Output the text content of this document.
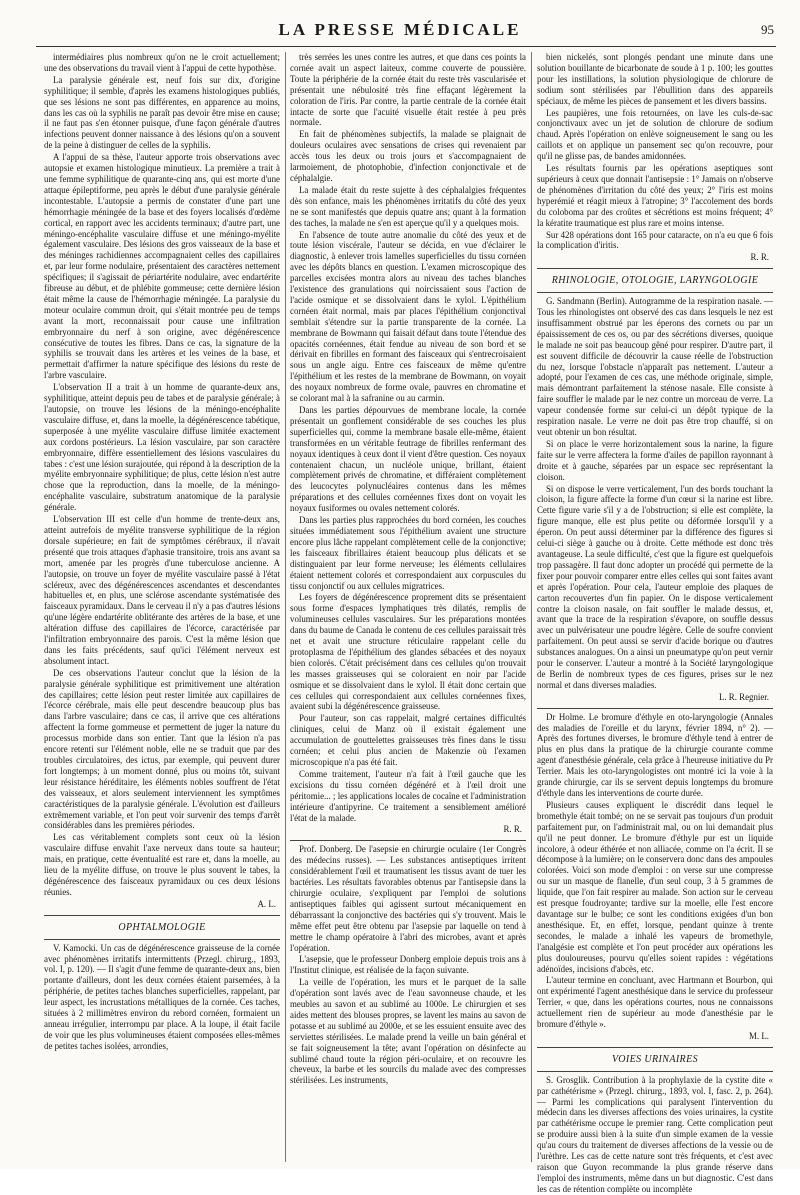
LA PRESSE MÉDICALE	95

intermédiaires plus nombreux qu'on ne le croit actuellement; une des observations du travail vient à l'appui de cette hypothèse.

La paralysie générale est, neuf fois sur dix, d'origine syphilitique; il semble, d'après les examens histologiques publiés, que ses lésions ne sont pas différentes, en apparence au moins, dans les cas où la syphilis ne paraît pas devoir être mise en cause; il ne faut pas s'en étonner puisque, d'une façon générale d'autres infections peuvent donner naissance à des lésions qu'on a souvent de la peine à distinguer de celles de la syphilis.

A l'appui de sa thèse, l'auteur apporte trois observations avec autopsie et examen histologique minutieux. La première a trait à une femme syphilitique de quarante-cinq ans, qui est morte d'une attaque épileptiforme, peu après le début d'une paralysie générale incontestable. L'autopsie a permis de constater d'une part une hémorrhagie méningée de la base et des foyers localisés d'œdème cortical, en rapport avec les accidents terminaux; d'autre part, une méningo-encéphalite vasculaire diffuse et une méningo-myélite également vasculaire. Des lésions des gros vaisseaux de la base et des méninges rachidiennes accompagnaient celles des capillaires et, par leur forme nodulaire, présentaient des caractères nettement spécifiques; il s'agissait de périartérite nodulaire, avec endartérite fibreuse au début, et de phlébite gommeuse; cette dernière lésion était même la cause de l'hémorrhagie méningée. La paralysie du moteur oculaire commun droit, qui s'était montrée peu de temps avant la mort, reconnaissait pour cause une infiltration embryonnaire du nerf à son origine, avec dégénérescence consécutive de toutes les fibres. Dans ce cas, la signature de la syphilis se trouvait dans les artères et les veines de la base, et permettait d'affirmer la nature spécifique des lésions du reste de l'arbre vasculaire.

L'observation II a trait à un homme de quarante-deux ans, syphilitique, atteint depuis peu de tabes et de paralysie générale; à l'autopsie, on trouve les lésions de la méningo-encéphalite vasculaire diffuse, et, dans la moelle, la dégénérescence tabétique, superposée à une myélite vasculaire diffuse limitée exactement aux cordons postérieurs. La lésion vasculaire, par son caractère embryonnaire, diffère essentiellement des lésions vasculaires du tabes : c'est une lésion surajoutée, qui répond à la description de la myélite embryonnaire syphilitique; de plus, cette lésion n'est autre chose que la reproduction, dans la moelle, de la méningo-encéphalite vasculaire, substratum anatomique de la paralysie générale.

L'observation III est celle d'un homme de trente-deux ans, atteint autrefois de myélite transverse syphilitique de la région dorsale supérieure; en fait de symptômes cérébraux, il n'avait présenté que trois attaques d'aphasie transitoire, trois ans avant sa mort, amenée par les progrès d'une tuberculose ancienne. A l'autopsie, on trouve un foyer de myélite vasculaire passé à l'état scléreux, avec des dégénérescences ascendantes et descendantes habituelles et, en plus, une sclérose ascendante systématisée des faisceaux pyramidaux. Dans le cerveau il n'y a pas d'autres lésions qu'une légère endartérite oblitérante des artères de la base, et une altération diffuse des capillaires de l'écorce, caractérisée par l'infiltration embryonnaire des parois. C'est la même lésion que dans les faits précédents, sauf qu'ici l'élément nerveux est absolument intact.

De ces observations l'auteur conclut que la lésion de la paralysie générale syphilitique est primitivement une altération des capillaires; cette lésion peut rester limitée aux capillaires de l'écorce cérébrale, mais elle peut descendre beaucoup plus bas dans l'arbre vasculaire; dans ce cas, il arrive que ces altérations affectent la forme gommeuse et permettent de juger la nature du processus morbide dans son entier. Tant que la lésion n'a pas encore retenti sur l'élément noble, elle ne se traduit que par des troubles circulatoires, des ictus, par exemple, qui peuvent durer fort longtemps; à un moment donné, plus ou moins tôt, suivant leur résistance héréditaire, les éléments nobles souffrent de l'état des vaisseaux, et alors seulement interviennent les symptômes caractéristiques de la paralysie générale. L'évolution est d'ailleurs extrêmement variable, et l'on peut voir survenir des temps d'arrêt considérables dans les premières périodes.

Les cas véritablement complets sont ceux où la lésion vasculaire diffuse envahit l'axe nerveux dans toute sa hauteur; mais, en pratique, cette éventualité est rare et, dans la moelle, au lieu de la myélite diffuse, on trouve le plus souvent le tabes, la dégénérescence des faisceaux pyramidaux ou ces deux lésions réunies.

A. L.
OPHTALMOLOGIE

V. Kamocki. Un cas de dégénérescence graisseuse de la cornée avec phénomènes irritatifs intermittents (Przegl. chirurg., 1893, vol. I, p. 120). — Il s'agit d'une femme de quarante-deux ans, bien portante d'ailleurs, dont les deux cornées étaient parsemées, à la périphérie, de petites taches blanches superficielles, rappelant, par leur aspect, les incrustations métalliques de la cornée. Ces taches, situées à 2 millimètres environ du rebord cornéen, formaient un anneau irrégulier, interrompu par place. A la loupe, il était facile de voir que les plus volumineuses étaient composées elles-mêmes de petites taches isolées, arrondies,

très serrées les unes contre les autres, et que dans ces points la cornée avait un aspect laiteux, comme couverte de poussière. Toute la périphérie de la cornée était du reste très vascularisée et présentait une nébulosité très fine effaçant légèrement la coloration de l'iris. Par contre, la partie centrale de la cornée était intacte de sorte que l'acuité visuelle était restée à peu près normale.

En fait de phénomènes subjectifs, la malade se plaignait de douleurs oculaires avec sensations de crises qui revenaient par accès tous les deux ou trois jours et s'accompagnaient de larmoiement, de photophobie, d'infection conjonctivale et de céphalalgie.

La malade était du reste sujette à des céphalalgies fréquentes dès son enfance, mais les phénomènes irritatifs du côté des yeux ne se sont manifestés que depuis quatre ans; quant à la formation des taches, la malade ne s'en est aperçue qu'il y a quelques mois.

En l'absence de toute autre anomalie du côté des yeux et de toute lésion viscérale, l'auteur se décida, en vue d'éclairer le diagnostic, à enlever trois lamelles superficielles du tissu cornéen avec les dépôts blancs en question. L'examen microscopique des parcelles excisées montra alors au niveau des taches blanches l'existence des granulations qui noircissaient sous l'action de l'acide osmique et se dissolvaient dans le xylol. L'épithélium cornéen était normal, mais par places l'épithélium conjonctival semblait s'étendre sur la partie transparente de la cornée. La membrane de Bowmann qui faisait défaut dans toute l'étendue des opacités cornéennes, était fendue au niveau de son bord et se dérivait en fibrilles en formant des faisceaux qui s'entrecroisaient sous un angle aigu. Entre ces faisceaux de même qu'entre l'épithélium et les restes de la membrane de Bowmann, on voyait des noyaux nombreux de forme ovale, pauvres en chromatine et se colorant mal à la safranine ou au carmin.

Dans les parties dépourvues de membrane locale, la cornée présentait un gonflement considérable de ses couches les plus superficielles qui, comme la membrane basale elle-même, étaient transformées en un véritable feutrage de fibrilles renfermant des noyaux identiques à ceux dont il vient d'être question. Ces noyaux contenaient chacun, un nucléole unique, brillant, étaient complètement privés de chromatine, et différaient complètement des leucocytes polynucléaires contenus dans les mêmes préparations et des cellules cornéennes fixes dont on voyait les noyaux fusiformes ou ovales nettement colorés.

Dans les parties plus rapprochées du bord cornéen, les couches situées immédiatement sous l'épithélium avaient une structure encore plus lâche rappelant complètement celle de la conjonctive; les faisceaux fibrillaires étaient beaucoup plus délicats et se distinguaient par leur forme nerveuse; les éléments cellulaires étaient nettement colorés et correspondaient aux corpuscules du tissu conjonctif ou aux cellules migratrices.

Les foyers de dégénérescence proprement dits se présentaient sous forme d'espaces lymphatiques très dilatés, remplis de volumineuses cellules vasculaires. Sur les préparations montées dans du baume de Canada le contenu de ces cellules paraissait très net et avait une structure réticulaire rappelant celle du protoplasma de l'épithélium des glandes sébacées et des noyaux bien colorés. C'était précisément dans ces cellules qu'on trouvait les masses graisseuses qui se coloraient en noir par l'acide osmique et se dissolvaient dans le xylol. Il était donc certain que ces cellules qui correspondaient aux cellules cornéennes fixes, avaient subi la dégénérescence graisseuse.

Pour l'auteur, son cas rappelait, malgré certaines difficultés cliniques, celui de Manz où il existait également une accumulation de gouttelettes graisseuses très fines dans le tissu cornéen; et celui plus ancien de Makenzie où l'examen microscopique n'a pas été fait.

Comme traitement, l'auteur n'a fait à l'œil gauche que les excisions du tissu cornéen dégénéré et à l'œil droit une péritomie... ; les applications locales de cocaïne et l'administration intérieure d'antipyrine. Ce traitement a sensiblement amélioré l'état de la malade.

R. R.

Prof. Donberg. De l'asepsie en chirurgie oculaire (1er Congrès des médecins russes). — Les substances antiseptiques irritent considérablement l'œil et traumatisent les tissus avant de tuer les bactéries. Les résultats favorables obtenus par l'antisepsie dans la chirurgie oculaire, s'expliquent par l'emploi de solutions antiseptiques faibles qui agissent surtout mécaniquement en débarrassant la conjonctive des bactéries qui s'y trouvent. Mais le même effet peut être obtenu par l'asepsie par laquelle on tend à mettre le champ opératoire à l'abri des microbes, avant et après l'opération.

L'asepsie, que le professeur Donberg emploie depuis trois ans à l'Institut clinique, est réalisée de la façon suivante.

La veille de l'opération, les murs et le parquet de la salle d'opération sont lavés avec de l'eau savonneuse chaude, et les meubles au savon et au sublimé au 1000e. Le chirurgien et ses aides mettent des blouses propres, se lavent les mains au savon de potasse et au sublimé au 2000e, et se les essuient ensuite avec des serviettes stérilisées. Le malade prend la veille un bain général et se fait soigneusement la tête; avant l'opération on désinfecte au sublimé chaud toute la région péri-oculaire, et on recouvre les cheveux, la barbe et les sourcils du malade avec des compresses stérilisées. Les instruments,

bien nickelés, sont plongés pendant une minute dans une solution bouillante de bicarbonate de soude à 1 p. 100; les gouttes pour les instillations, la solution physiologique de chlorure de sodium sont stérilisées par l'ébullition dans des appareils spéciaux, de même les pièces de pansement et les divers bassins.

Les paupières, une fois retournées, on lave les culs-de-sac conjonctivaux avec un jet de solution de chlorure de sodium chaud. Après l'opération on enlève soigneusement le sang ou les caillots et on applique un pansement sec qu'on recouvre, pour qu'il ne glisse pas, de bandes amidonnées.

Les résultats fournis par les opérations aseptiques sont supérieurs à ceux que donnait l'antisepsie : 1° Jamais on n'observe de phénomènes d'irritation du côté des yeux; 2° l'iris est moins hyperémié et réagit mieux à l'atropine; 3° l'accolement des bords du coloboma par des croûtes et sécrétions est moins fréquent; 4° la kératite traumatique est plus rare et moins intense.

Sur 428 opérations dont 165 pour cataracte, on n'a eu que 6 fois la complication d'iritis.

R. R.
RHINOLOGIE, OTOLOGIE, LARYNGOLOGIE

G. Sandmann (Berlin). Autogramme de la respiration nasale. — Tous les rhinologistes ont observé des cas dans lesquels le nez est insuffisamment obstrué par les éperons des cornets ou par un épaississement de ces os, ou par des sécrétions diverses, quoique le malade ne soit pas beaucoup gêné pour respirer. D'autre part, il est souvent difficile de découvrir la cause réelle de l'obstruction du nez, lorsque l'obstacle n'apparaît pas nettement. L'auteur a adopté, pour l'examen de ces cas, une méthode originale, simple, mais démontrant parfaitement la sténose nasale. Elle consiste à faire souffler le malade par le nez contre un morceau de verre. La vapeur condensée forme sur celui-ci un dépôt typique de la respiration nasale. Le verre ne doit pas être trop chauffé, si on veut obtenir un bon résultat.

Si on place le verre horizontalement sous la narine, la figure faite sur le verre affectera la forme d'ailes de papillon rayonnant à droite et à gauche, séparées par un espace sec représentant la cloison.

Si on dispose le verre verticalement, l'un des bords touchant la cloison, la figure affecte la forme d'un cœur si la narine est libre. Cette figure varie s'il y a de l'obstruction; si elle est complète, la figure manque, elle est plus petite ou déformée lorsqu'il y a éperon. On peut aussi déterminer par la différence des figures si celui-ci siège à gauche ou à droite. Cette méthode est donc très avantageuse. La seule difficulté, c'est que la figure est quelquefois trop passagère. Il faut donc adopter un procédé qui permette de la fixer pour pouvoir comparer entre elles celles qui sont faites avant et après l'opération. Pour cela, l'auteur emploie des plaques de carton recouvertes d'un fin papier. On le dispose verticalement contre la cloison nasale, on fait souffler le malade dessus, et, avant que la trace de la respiration s'évapore, on souffle dessus avec un pulvérisateur une poudre légère. Celle de soufre convient parfaitement. On peut aussi se servir d'acide borique ou d'autres substances analogues. On a ainsi un pneumatype qu'on peut vernir pour le conserver. L'auteur a montré à la Société laryngologique de Berlin de nombreux types de ces figures, prises sur le nez normal et dans diverses maladies.

L. R. Regnier.

Dr Holme. Le bromure d'éthyle en oto-laryngologie (Annales des maladies de l'oreille et du larynx, février 1894, n° 2). — Après des fortunes diverses, le bromure d'éthyle tend à entrer de plus en plus dans la pratique de la chirurgie courante comme agent d'anesthésie générale, cela grâce à l'heureuse initiative du Pr Terrier. Mais les oto-laryngologistes ont montré ici la voie à la grande chirurgie, car ils se servent depuis longtemps du bromure d'éthyle dans les interventions de courte durée.

Plusieurs causes expliquent le discrédit dans lequel le bromethyle était tombé; on ne se servait pas toujours d'un produit parfaitement pur, on l'administrait mal, ou on lui demandait plus qu'il ne peut donner. Le bromure d'éthyle pur est un liquide incolore, à odeur éthérée et non alliacée, comme on l'a écrit. Il se décompose à la lumière; on le conservera donc dans des ampoules colorées. Voici son mode d'emploi : on verse sur une compresse ou sur un masque de flanelle, d'un seul coup, 3 à 5 grammes de liquide, que l'on fait respirer au malade. Son action sur le cerveau est presque foudroyante; tardive sur la moelle, elle l'est encore davantage sur le bulbe; ce sont les conditions exigées d'un bon anesthésique. Et, en effet, lorsque, pendant quinze à trente secondes, le malade a inhalé les vapeurs de bromethyle, l'analgésie est complète et l'on peut procéder aux opérations les plus douloureuses, pourvu qu'elles soient rapides : végétations adénoïdes, incisions d'abcès, etc.

L'auteur termine en concluant, avec Hartmann et Bourbon, qui ont expérimenté l'agent anesthésique dans le service du professeur Terrier, « que, dans les opérations courtes, nous ne connaissons actuellement rien de supérieur au mode d'anesthésie par le bromure d'éthyle ».

M. L.
VOIES URINAIRES

S. Grosglik. Contribution à la prophylaxie de la cystite dite « par cathétérisme » (Przegl. chirurg., 1893, vol. I, fasc. 2, p. 264). — Parmi les complications qui paralysent l'intervention du médecin dans les diverses affections des voies urinaires, la cystite par cathétérisme occupe le premier rang. Cette complication peut se produire aussi bien à la suite d'un simple examen de la vessie qu'au cours du traitement de diverses affections de la vessie ou de l'urèthre. Les cas de cette nature sont très fréquents, et c'est avec raison que Guyon recommande la plus grande réserve dans l'emploi des instruments, même dans un but diagnostic. C'est dans les cas de rétention complète ou incomplète
